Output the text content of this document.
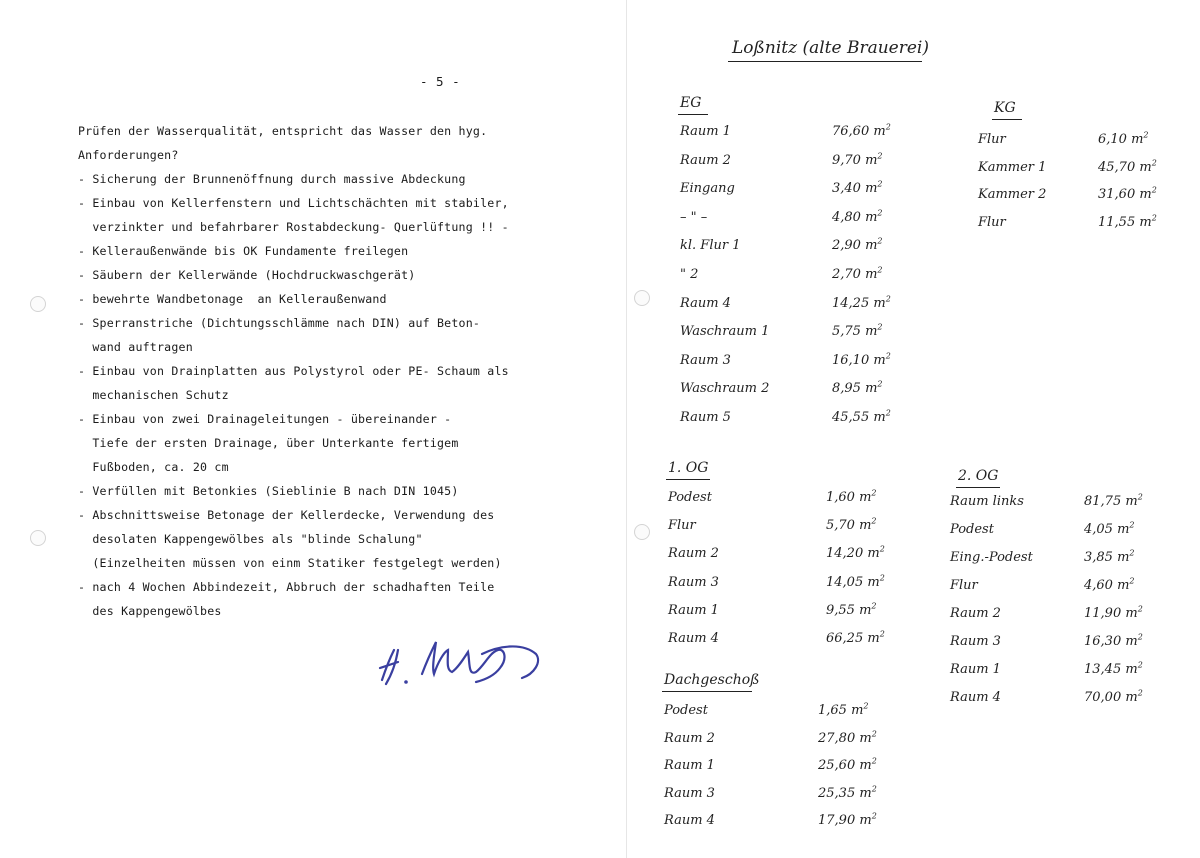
- 5 -
Prüfen der Wasserqualität, entspricht das Wasser den hyg.
Anforderungen?
- Sicherung der Brunnenöffnung durch massive Abdeckung
- Einbau von Kellerfenstern und Lichtschächten mit stabiler,
verzinkter und befahrbarer Rostabdeckung- Querlüftung !! -
- Kelleraußenwände bis OK Fundamente freilegen
- Säubern der Kellerwände (Hochdruckwaschgerät)
- bewehrte Wandbetonage  an Kelleraußenwand
- Sperranstriche (Dichtungsschlämme nach DIN) auf Beton-
wand auftragen
- Einbau von Drainplatten aus Polystyrol oder PE- Schaum als
mechanischen Schutz
- Einbau von zwei Drainageleitungen - übereinander -
Tiefe der ersten Drainage, über Unterkante fertigem
Fußboden, ca. 20 cm
- Verfüllen mit Betonkies (Sieblinie B nach DIN 1045)
- Abschnittsweise Betonage der Kellerdecke, Verwendung des
desolaten Kappengewölbes als "blinde Schalung"
(Einzelheiten müssen von einm Statiker festgelegt werden)
- nach 4 Wochen Abbindezeit, Abbruch der schadhaften Teile
des Kappengewölbes
Loßnitz (alte Brauerei)
EG
Raum 1	76,60 $m^2$
Raum 2	9,70 $m^2$
Eingang	3,40 $m^2$
– " –	4,80 $m^2$
kl. Flur 1	2,90 $m^2$
" 2	2,70 $m^2$
Raum 4	14,25 $m^2$
Waschraum 1	5,75 $m^2$
Raum 3	16,10 $m^2$
Waschraum 2	8,95 $m^2$
Raum 5	45,55 $m^2$
KG
Flur	6,10 $m^2$
Kammer 1	45,70 $m^2$
Kammer 2	31,60 $m^2$
Flur	11,55 $m^2$
1. OG
Podest	1,60 $m^2$
Flur	5,70 $m^2$
Raum 2	14,20 $m^2$
Raum 3	14,05 $m^2$
Raum 1	9,55 $m^2$
Raum 4	66,25 $m^2$
2. OG
Raum links	81,75 $m^2$
Podest	4,05 $m^2$
Eing.-Podest	3,85 $m^2$
Flur	4,60 $m^2$
Raum 2	11,90 $m^2$
Raum 3	16,30 $m^2$
Raum 1	13,45 $m^2$
Raum 4	70,00 $m^2$
Dachgeschoß
Podest	1,65 $m^2$
Raum 2	27,80 $m^2$
Raum 1	25,60 $m^2$
Raum 3	25,35 $m^2$
Raum 4	17,90 $m^2$
